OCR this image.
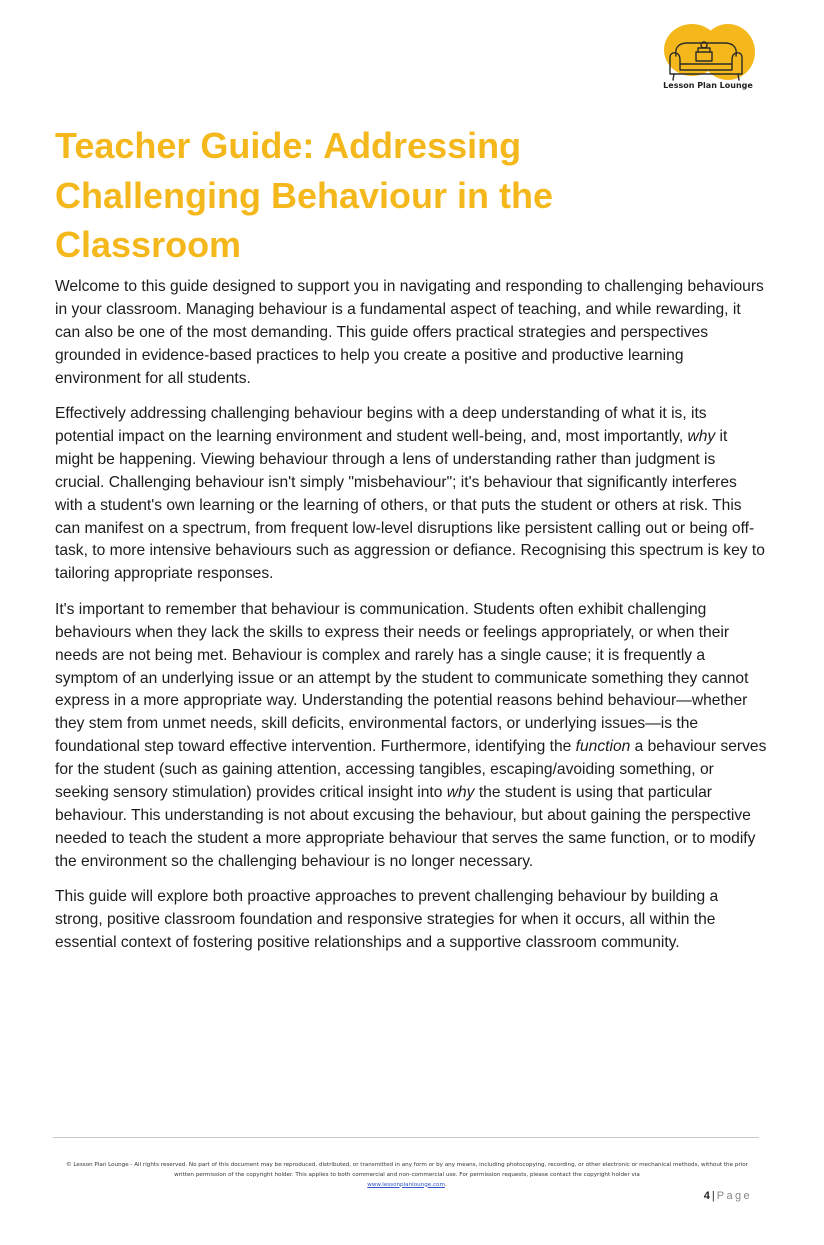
Lesson Plan Lounge
Teacher Guide: Addressing Challenging Behaviour in the Classroom

Welcome to this guide designed to support you in navigating and responding to challenging behaviours in your classroom. Managing behaviour is a fundamental aspect of teaching, and while rewarding, it can also be one of the most demanding. This guide offers practical strategies and perspectives grounded in evidence-based practices to help you create a positive and productive learning environment for all students.

Effectively addressing challenging behaviour begins with a deep understanding of what it is, its potential impact on the learning environment and student well-being, and, most importantly, why it might be happening. Viewing behaviour through a lens of understanding rather than judgment is crucial. Challenging behaviour isn't simply "misbehaviour"; it's behaviour that significantly interferes with a student's own learning or the learning of others, or that puts the student or others at risk. This can manifest on a spectrum, from frequent low-level disruptions like persistent calling out or being off-task, to more intensive behaviours such as aggression or defiance. Recognising this spectrum is key to tailoring appropriate responses.

It's important to remember that behaviour is communication. Students often exhibit challenging behaviours when they lack the skills to express their needs or feelings appropriately, or when their needs are not being met. Behaviour is complex and rarely has a single cause; it is frequently a symptom of an underlying issue or an attempt by the student to communicate something they cannot express in a more appropriate way. Understanding the potential reasons behind behaviour—whether they stem from unmet needs, skill deficits, environmental factors, or underlying issues—is the foundational step toward effective intervention. Furthermore, identifying the function a behaviour serves for the student (such as gaining attention, accessing tangibles, escaping/avoiding something, or seeking sensory stimulation) provides critical insight into why the student is using that particular behaviour. This understanding is not about excusing the behaviour, but about gaining the perspective needed to teach the student a more appropriate behaviour that serves the same function, or to modify the environment so the challenging behaviour is no longer necessary.

This guide will explore both proactive approaches to prevent challenging behaviour by building a strong, positive classroom foundation and responsive strategies for when it occurs, all within the essential context of fostering positive relationships and a supportive classroom community.

© Lesson Plan Lounge - All rights reserved. No part of this document may be reproduced, distributed, or transmitted in any form or by any means, including photocopying, recording, or other electronic or mechanical methods, without the prior written permission of the copyright holder. This applies to both commercial and non-commercial use. For permission requests, please contact the copyright holder via
www.lessonplanlounge.com.
4 | Page
